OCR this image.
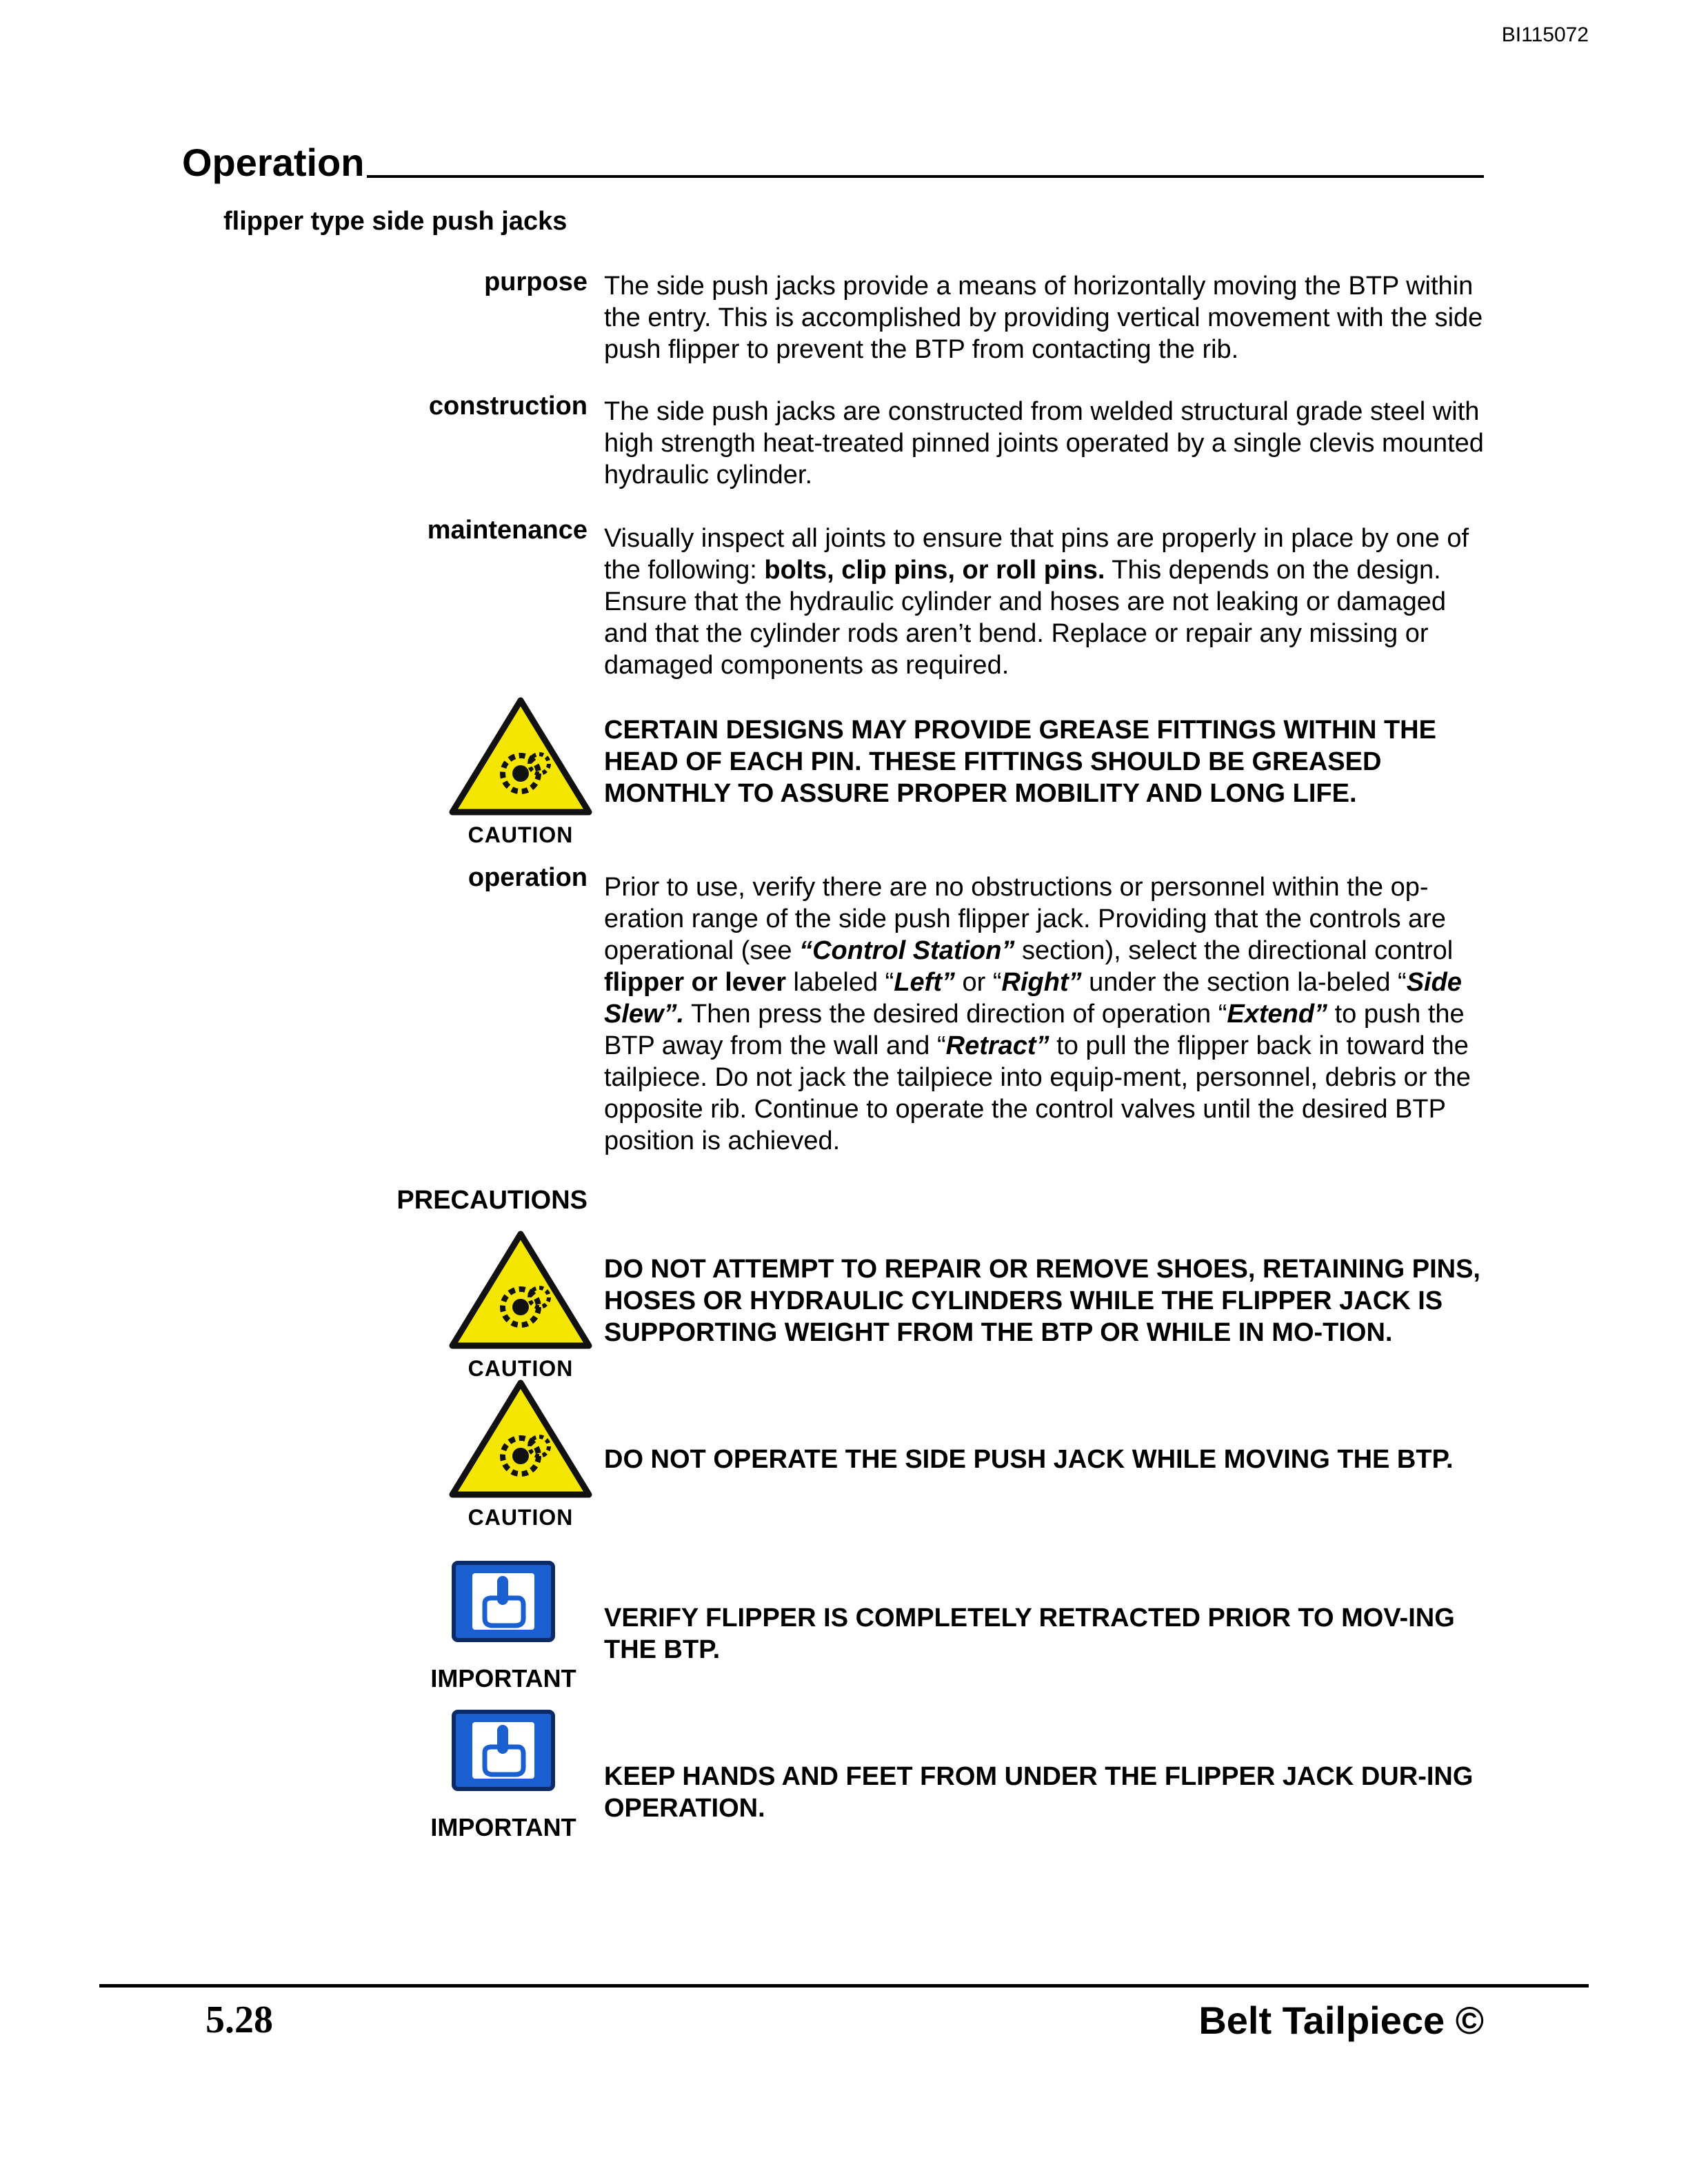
BI115072
Operation
flipper type side push jacks
purpose The side push jacks provide a means of horizontally moving the BTP within the entry. This is accomplished by providing vertical movement with the side push flipper to prevent the BTP from contacting the rib.
construction The side push jacks are constructed from welded structural grade steel with high strength heat-treated pinned joints operated by a single clevis mounted hydraulic cylinder.
maintenance Visually inspect all joints to ensure that pins are properly in place by one of the following: bolts, clip pins, or roll pins. This depends on the design. Ensure that the hydraulic cylinder and hoses are not leaking or damaged and that the cylinder rods aren’t bend. Replace or repair any missing or damaged components as required.
CAUTION
CERTAIN DESIGNS MAY PROVIDE GREASE FITTINGS WITHIN THE HEAD OF EACH PIN. THESE FITTINGS SHOULD BE GREASED MONTHLY TO ASSURE PROPER MOBILITY AND LONG LIFE.
operation Prior to use, verify there are no obstructions or personnel within the op-eration range of the side push flipper jack. Providing that the controls are operational (see “Control Station” section), select the directional control flipper or lever labeled “Left” or “Right” under the section la-beled “Side Slew”. Then press the desired direction of operation “Extend” to push the BTP away from the wall and “Retract” to pull the flipper back in toward the tailpiece. Do not jack the tailpiece into equip-ment, personnel, debris or the opposite rib. Continue to operate the control valves until the desired BTP position is achieved.
PRECAUTIONS
CAUTION
DO NOT ATTEMPT TO REPAIR OR REMOVE SHOES, RETAINING PINS, HOSES OR HYDRAULIC CYLINDERS WHILE THE FLIPPER JACK IS SUPPORTING WEIGHT FROM THE BTP OR WHILE IN MO-TION.
CAUTION
DO NOT OPERATE THE SIDE PUSH JACK WHILE MOVING THE BTP.
IMPORTANT
VERIFY FLIPPER IS COMPLETELY RETRACTED PRIOR TO MOV-ING THE BTP.
IMPORTANT
KEEP HANDS AND FEET FROM UNDER THE FLIPPER JACK DUR-ING OPERATION.
5.28	Belt Tailpiece ©
